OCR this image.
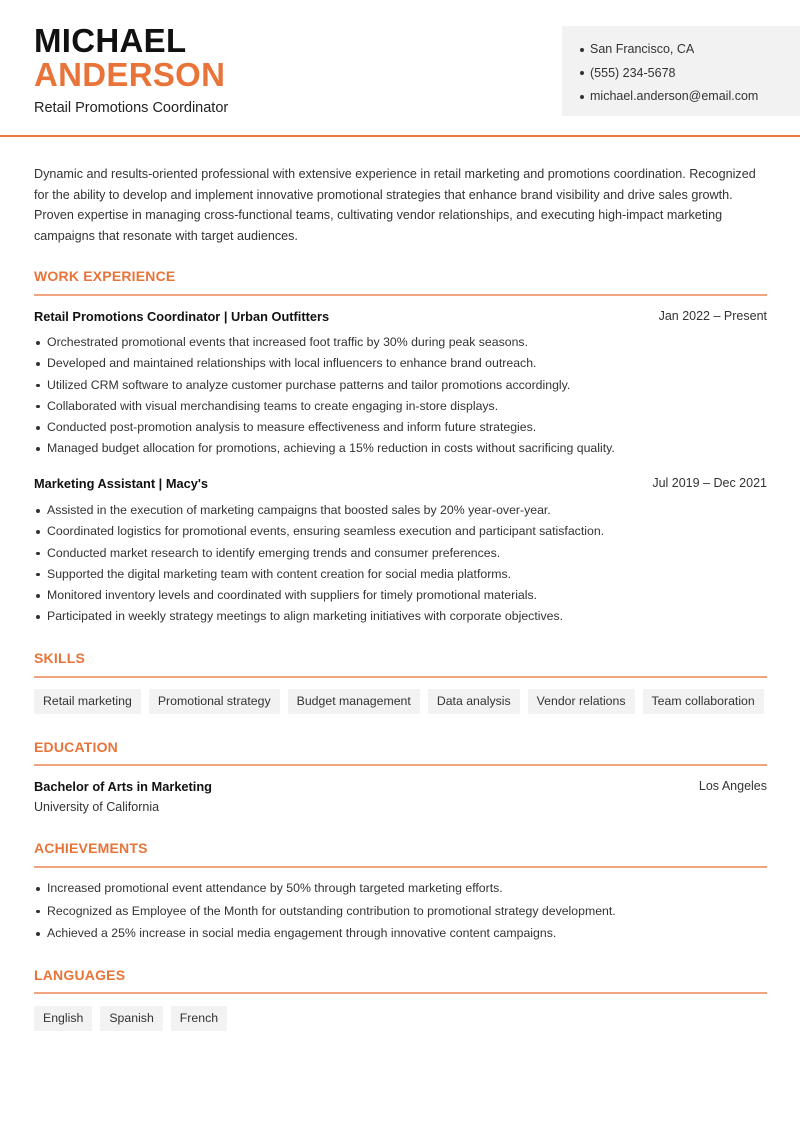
MICHAEL
ANDERSON
Retail Promotions Coordinator
San Francisco, CA
(555) 234-5678
michael.anderson@email.com

Dynamic and results-oriented professional with extensive experience in retail marketing and promotions coordination. Recognized for the ability to develop and implement innovative promotional strategies that enhance brand visibility and drive sales growth. Proven expertise in managing cross-functional teams, cultivating vendor relationships, and executing high-impact marketing campaigns that resonate with target audiences.

WORK EXPERIENCE
Retail Promotions Coordinator | Urban Outfitters	Jan 2022 – Present
Orchestrated promotional events that increased foot traffic by 30% during peak seasons.
Developed and maintained relationships with local influencers to enhance brand outreach.
Utilized CRM software to analyze customer purchase patterns and tailor promotions accordingly.
Collaborated with visual merchandising teams to create engaging in-store displays.
Conducted post-promotion analysis to measure effectiveness and inform future strategies.
Managed budget allocation for promotions, achieving a 15% reduction in costs without sacrificing quality.
Marketing Assistant | Macy's	Jul 2019 – Dec 2021
Assisted in the execution of marketing campaigns that boosted sales by 20% year-over-year.
Coordinated logistics for promotional events, ensuring seamless execution and participant satisfaction.
Conducted market research to identify emerging trends and consumer preferences.
Supported the digital marketing team with content creation for social media platforms.
Monitored inventory levels and coordinated with suppliers for timely promotional materials.
Participated in weekly strategy meetings to align marketing initiatives with corporate objectives.
SKILLS
Retail marketing	Promotional strategy	Budget management	Data analysis	Vendor relations	Team collaboration
EDUCATION
Bachelor of Arts in Marketing	Los Angeles
University of California
ACHIEVEMENTS
Increased promotional event attendance by 50% through targeted marketing efforts.
Recognized as Employee of the Month for outstanding contribution to promotional strategy development.
Achieved a 25% increase in social media engagement through innovative content campaigns.
LANGUAGES
English	Spanish	French
